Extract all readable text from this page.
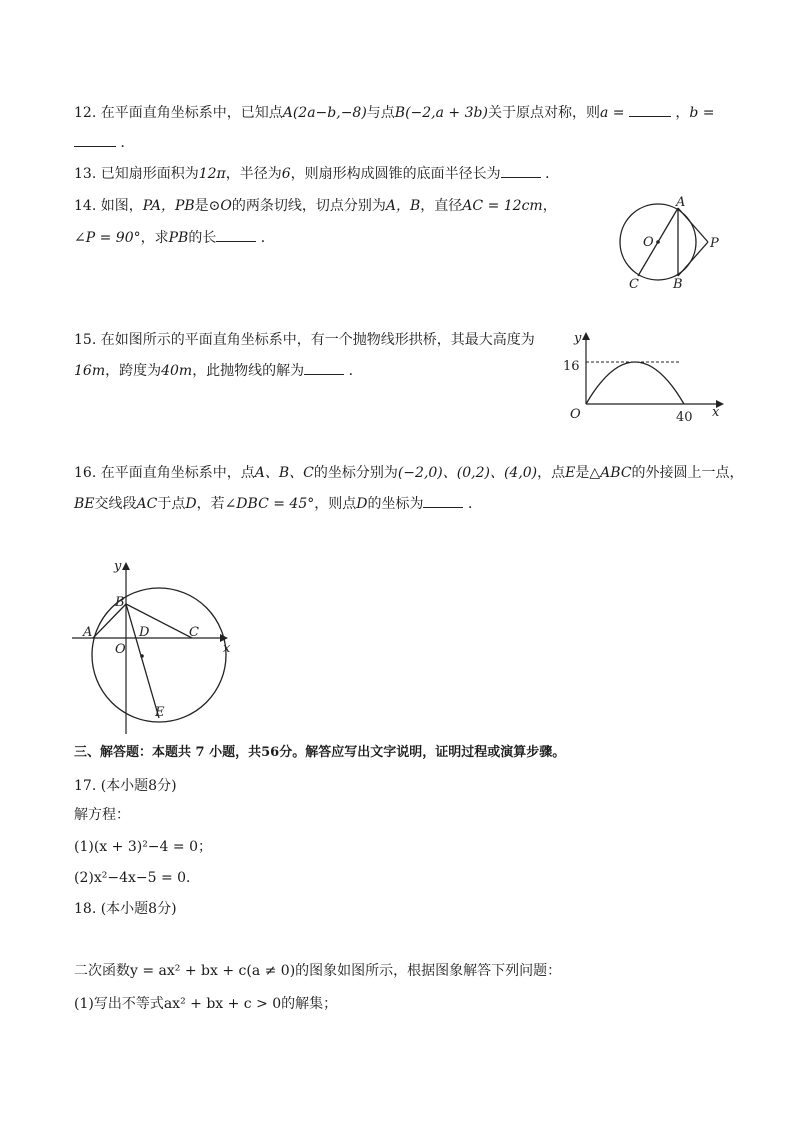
12. 在平面直角坐标系中，已知点A(2a−b,−8)与点B(−2,a + 3b)关于原点对称，则a =	，b =
．
13. 已知扇形面积为12π，半径为6，则扇形构成圆锥的底面半径长为	．
14. 如图，PA，PB是⊙O的两条切线，切点分别为A，B，直径AC = 12cm，
∠P = 90°，求PB的长	．
A
O	P
C	B
15. 在如图所示的平面直角坐标系中，有一个抛物线形拱桥，其最大高度为
16m，跨度为40m，此抛物线的解为	．
y
x
O
16
40
16. 在平面直角坐标系中，点A、B、C的坐标分别为(−2,0)、(0,2)、(4,0)，点E是△ABC的外接圆上一点，
BE交线段AC于点D，若∠DBC = 45°，则点D的坐标为	．
y
x
A
B
C
D
O
E
三、解答题：本题共 7 小题，共56分。解答应写出文字说明，证明过程或演算步骤。
17. (本小题8分)
解方程：
(1)(x + 3)²−4 = 0；
(2)x²−4x−5 = 0．
18. (本小题8分)
二次函数y = ax² + bx + c(a ≠ 0)的图象如图所示，根据图象解答下列问题：
(1)写出不等式ax² + bx + c > 0的解集；
